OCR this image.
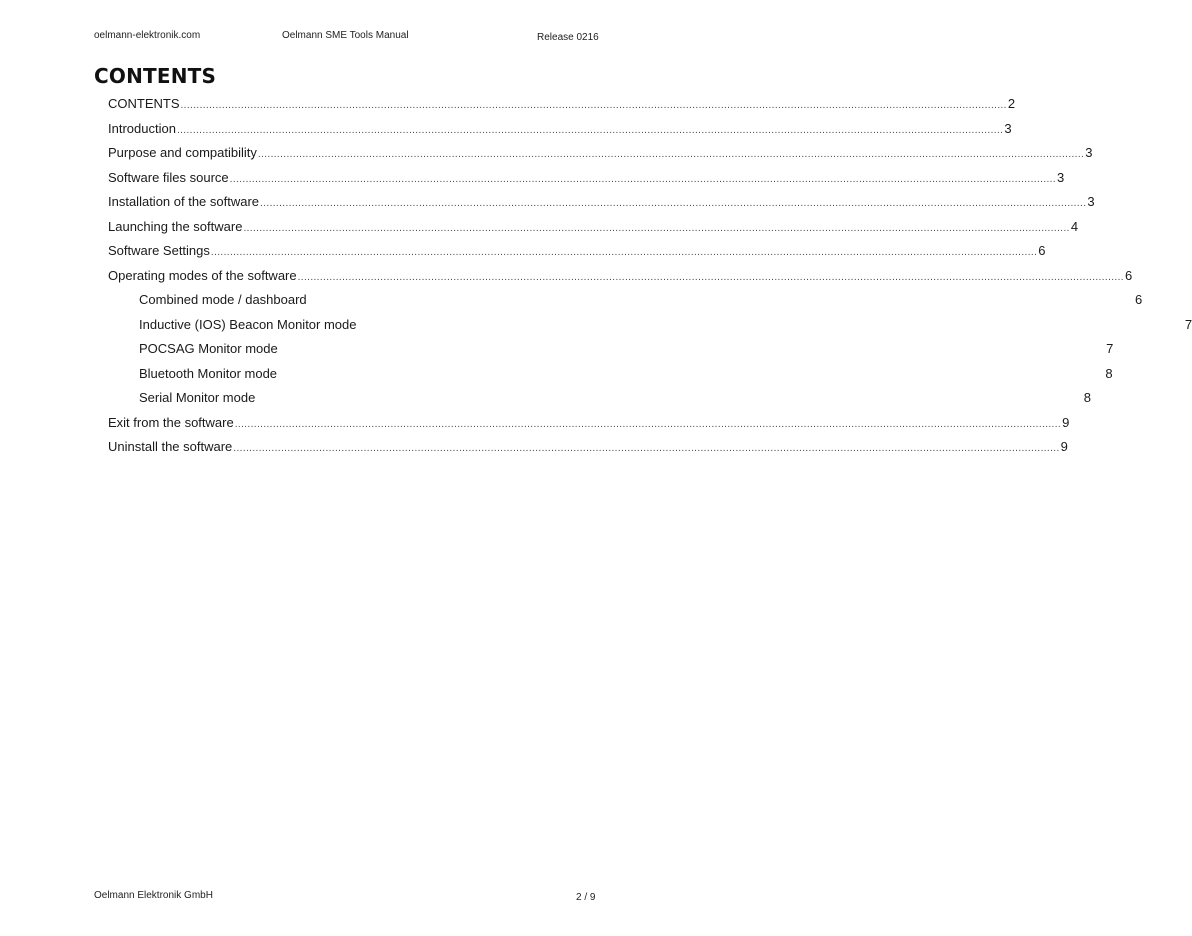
oelmann-elektronik.com	Oelmann SME Tools Manual	Release 0216
CONTENTS
CONTENTS .................................................................................................................................................................................................................................................................... 2
Introduction .................................................................................................................................................................................................................................................................... 3
Purpose and compatibility .................................................................................................................................................................................................................................................................... 3
Software files source .................................................................................................................................................................................................................................................................... 3
Installation of the software .................................................................................................................................................................................................................................................................... 3
Launching the software .................................................................................................................................................................................................................................................................... 4
Software Settings .................................................................................................................................................................................................................................................................... 6
Operating modes of the software .................................................................................................................................................................................................................................................................... 6
Combined mode / dashboard	6
Inductive (IOS) Beacon Monitor mode	7
POCSAG Monitor mode	7
Bluetooth Monitor mode	8
Serial Monitor mode	8
Exit from the software .................................................................................................................................................................................................................................................................... 9
Uninstall the software .................................................................................................................................................................................................................................................................... 9
Oelmann Elektronik GmbH	2 / 9
